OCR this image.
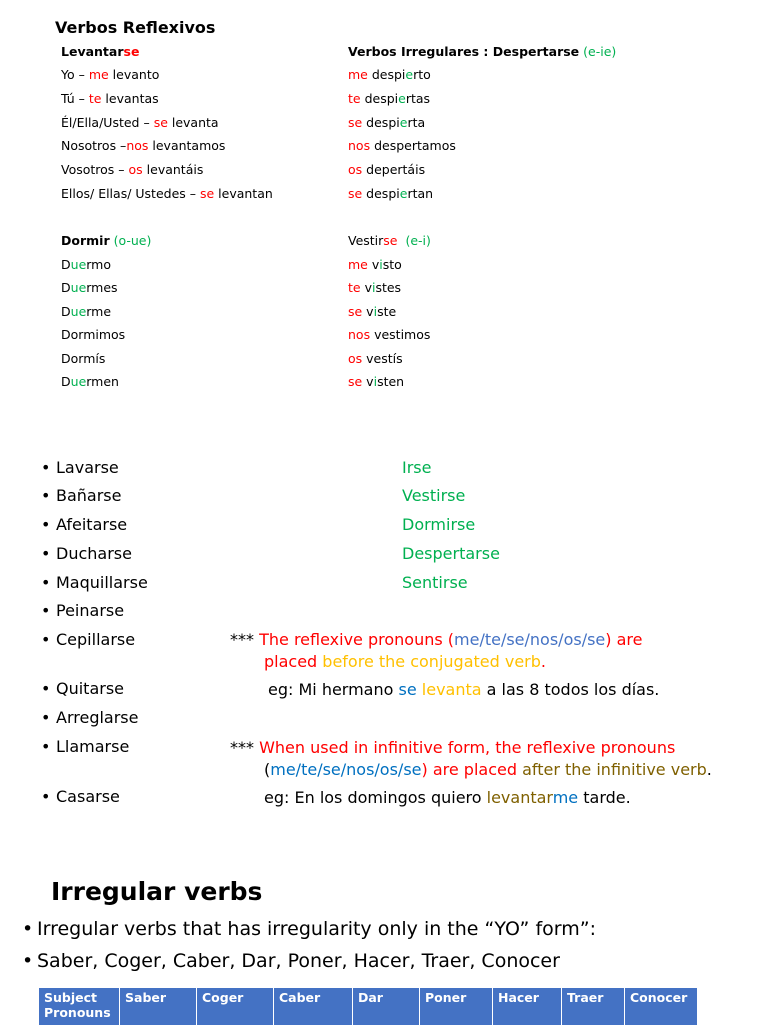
Verbos Reflexivos
Levantarse
Yo – me levanto
Tú – te levantas
Él/Ella/Usted – se levanta
Nosotros –nos levantamos
Vosotros – os levantáis
Ellos/ Ellas/ Ustedes – se levantan
Verbos Irregulares : Despertarse (e-ie)
me despierto
te despiertas
se despierta
nos despertamos
os depertáis
se despiertan
Dormir (o-ue)
Duermo
Duermes
Duerme
Dormimos
Dormís
Duermen
Vestirse (e-i)
me visto
te vistes
se viste
nos vestimos
os vestís
se visten
• Lavarse
• Bañarse
• Afeitarse
• Ducharse
• Maquillarse
• Peinarse
• Cepillarse
• Quitarse
• Arreglarse
• Llamarse
• Casarse
Irse
Vestirse
Dormirse
Despertarse
Sentirse
*** The reflexive pronouns (me/te/se/nos/os/se) are
placed before the conjugated verb.
eg: Mi hermano se levanta a las 8 todos los días.
*** When used in infinitive form, the reflexive pronouns
(me/te/se/nos/os/se) are placed after the infinitive verb.
eg: En los domingos quiero levantarme tarde.
Irregular verbs
• Irregular verbs that has irregularity only in the “YO” form”:
• Saber, Coger, Caber, Dar, Poner, Hacer, Traer, Conocer
Subject Pronouns	Saber	Coger	Caber	Dar	Poner	Hacer	Traer	Conocer
